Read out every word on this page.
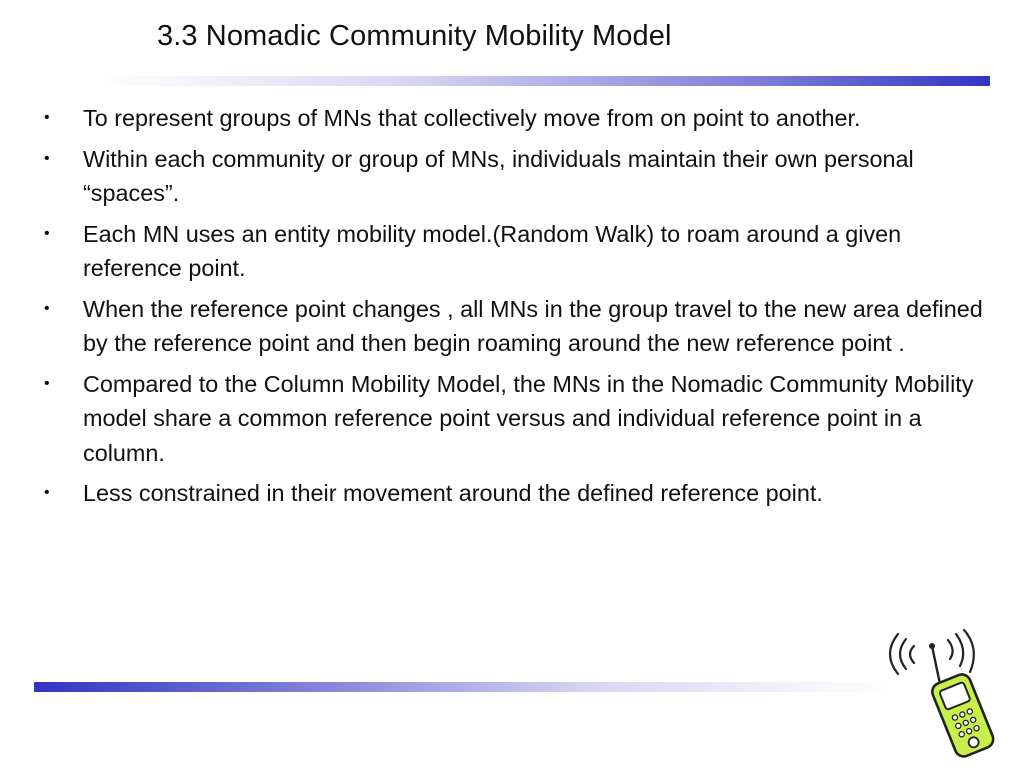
3.3 Nomadic Community Mobility Model
•	To represent groups of MNs that collectively move from on point to another.
•	Within each community or group of MNs, individuals maintain their own personal “spaces”.
•	Each MN uses an entity mobility model.(Random Walk) to roam around a given reference point.
•	When the reference point changes , all MNs in the group travel to the new area defined by the reference point and then begin roaming around the new reference point .
•	Compared to the Column Mobility Model, the MNs in the Nomadic Community Mobility model share a common reference point versus and individual reference point in a column.
•	Less constrained in their movement around the defined reference point.
